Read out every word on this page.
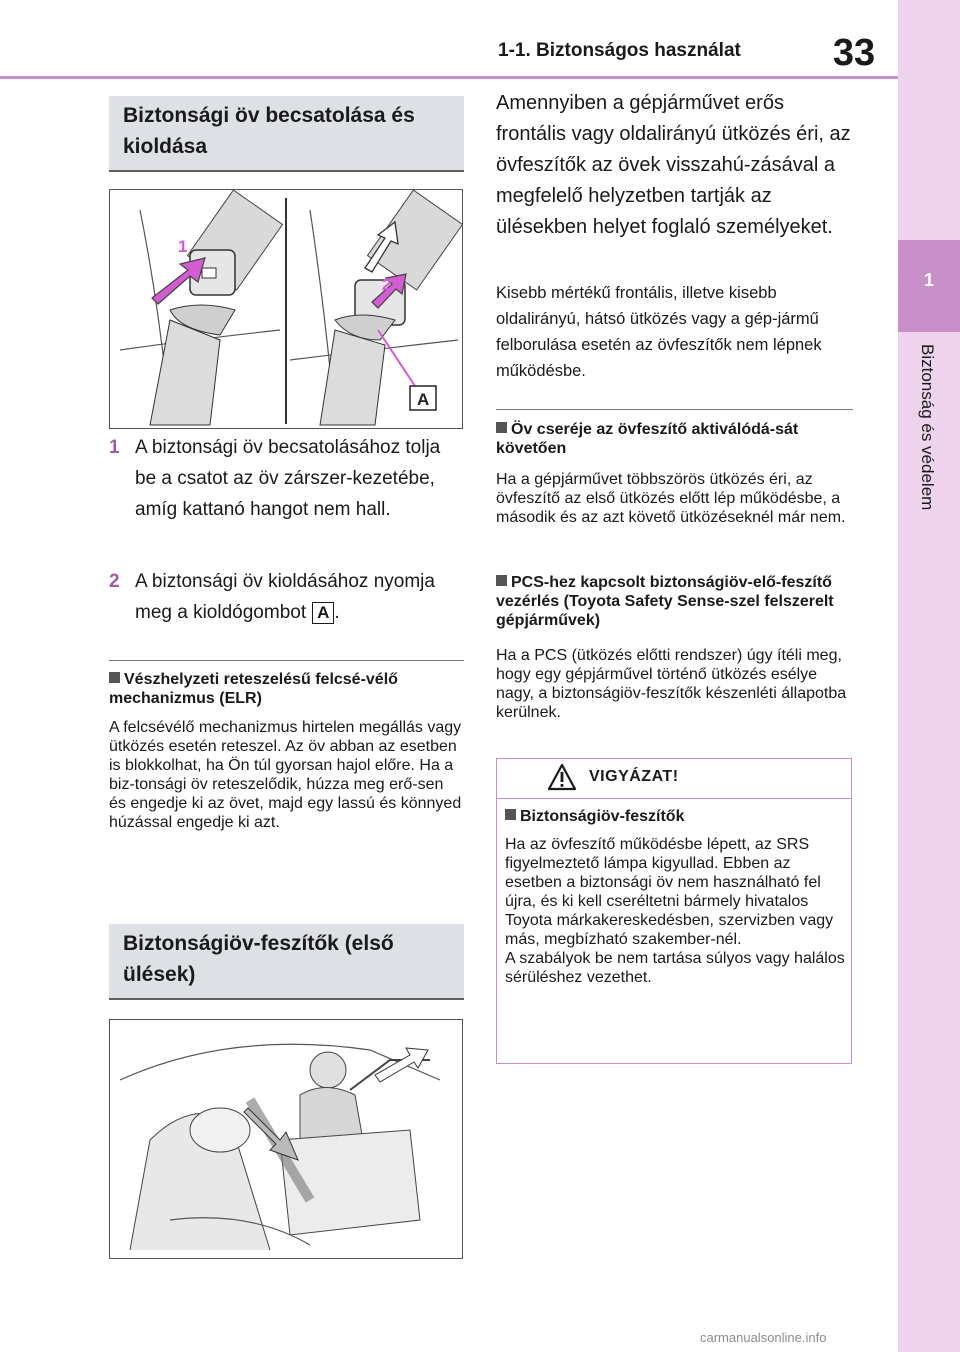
1-1. Biztonságos használat	33
1
Biztonság és védelem
Biztonsági öv becsatolása és kioldása
1
2
A
1 A biztonsági öv becsatolásához tolja be a csatot az öv zárszer-kezetébe, amíg kattanó hangot nem hall.
2 A biztonsági öv kioldásához nyomja meg a kioldógombot A .
Vészhelyzeti reteszelésű felcsé-vélő mechanizmus (ELR)
A felcsévélő mechanizmus hirtelen megállás vagy ütközés esetén reteszel. Az öv abban az esetben is blokkolhat, ha Ön túl gyorsan hajol előre. Ha a biz-tonsági öv reteszelődik, húzza meg erő-sen és engedje ki az övet, majd egy lassú és könnyed húzással engedje ki azt.
Biztonságiöv-feszítők (első ülések)
Amennyiben a gépjárművet erős frontális vagy oldalirányú ütközés éri, az övfeszítők az övek visszahú-zásával a megfelelő helyzetben tartják az ülésekben helyet foglaló személyeket.
Kisebb mértékű frontális, illetve kisebb oldalirányú, hátsó ütközés vagy a gép-jármű felborulása esetén az övfeszítők nem lépnek működésbe.
Öv cseréje az övfeszítő aktiválódá-sát követően
Ha a gépjárművet többszörös ütközés éri, az övfeszítő az első ütközés előtt lép működésbe, a második és az azt követő ütközéseknél már nem.
PCS-hez kapcsolt biztonságiöv-elő-feszítő vezérlés (Toyota Safety Sense-szel felszerelt gépjárművek)
Ha a PCS (ütközés előtti rendszer) úgy ítéli meg, hogy egy gépjárművel történő ütközés esélye nagy, a biztonságiöv-feszítők készenléti állapotba kerülnek.
VIGYÁZAT!
Biztonságiöv-feszítők
Ha az övfeszítő működésbe lépett, az SRS figyelmeztető lámpa kigyullad. Ebben az esetben a biztonsági öv nem használható fel újra, és ki kell cseréltetni bármely hivatalos Toyota márkakereskedésben, szervizben vagy más, megbízható szakember-nél.
A szabályok be nem tartása súlyos vagy halálos sérüléshez vezethet.
carmanualsonline.info
